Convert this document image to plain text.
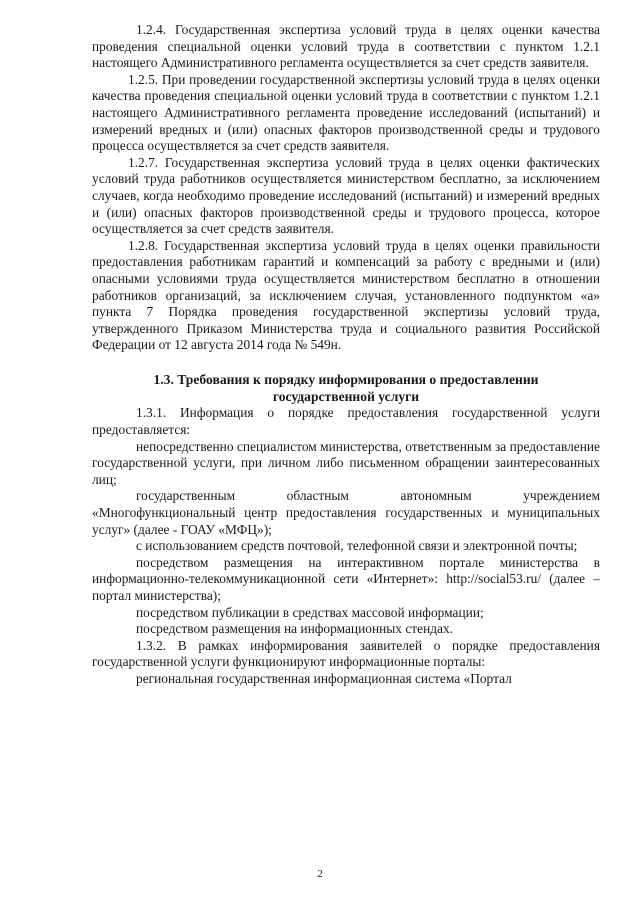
1.2.4. Государственная экспертиза условий труда в целях оценки качества проведения специальной оценки условий труда в соответствии с пунктом 1.2.1 настоящего Административного регламента осуществляется за счет средств заявителя.

1.2.5. При проведении государственной экспертизы условий труда в целях оценки качества проведения специальной оценки условий труда в соответствии с пунктом 1.2.1 настоящего Административного регламента проведение исследований (испытаний) и измерений вредных и (или) опасных факторов производственной среды и трудового процесса осуществляется за счет средств заявителя.

1.2.7. Государственная экспертиза условий труда в целях оценки фактических условий труда работников осуществляется министерством бесплатно, за исключением случаев, когда необходимо проведение исследований (испытаний) и измерений вредных и (или) опасных факторов производственной среды и трудового процесса, которое осуществляется за счет средств заявителя.

1.2.8. Государственная экспертиза условий труда в целях оценки правильности предоставления работникам гарантий и компенсаций за работу с вредными и (или) опасными условиями труда осуществляется министерством бесплатно в отношении работников организаций, за исключением случая, установленного подпунктом «а» пункта 7 Порядка проведения государственной экспертизы условий труда, утвержденного Приказом Министерства труда и социального развития Российской Федерации от 12 августа 2014 года № 549н.

1.3. Требования к порядку информирования о предоставлении государственной услуги

1.3.1. Информация о порядке предоставления государственной услуги предоставляется:

непосредственно специалистом министерства, ответственным за предоставление государственной услуги, при личном либо письменном обращении заинтересованных лиц;

государственным областным автономным учреждением «Многофункциональный центр предоставления государственных и муниципальных услуг» (далее - ГОАУ «МФЦ»);

с использованием средств почтовой, телефонной связи и электронной почты;

посредством размещения на интерактивном портале министерства в информационно-телекоммуникационной сети «Интернет»: http://social53.ru/ (далее – портал министерства);

посредством публикации в средствах массовой информации;

посредством размещения на информационных стендах.

1.3.2. В рамках информирования заявителей о порядке предоставления государственной услуги функционируют информационные порталы:

региональная государственная информационная система «Портал

2
